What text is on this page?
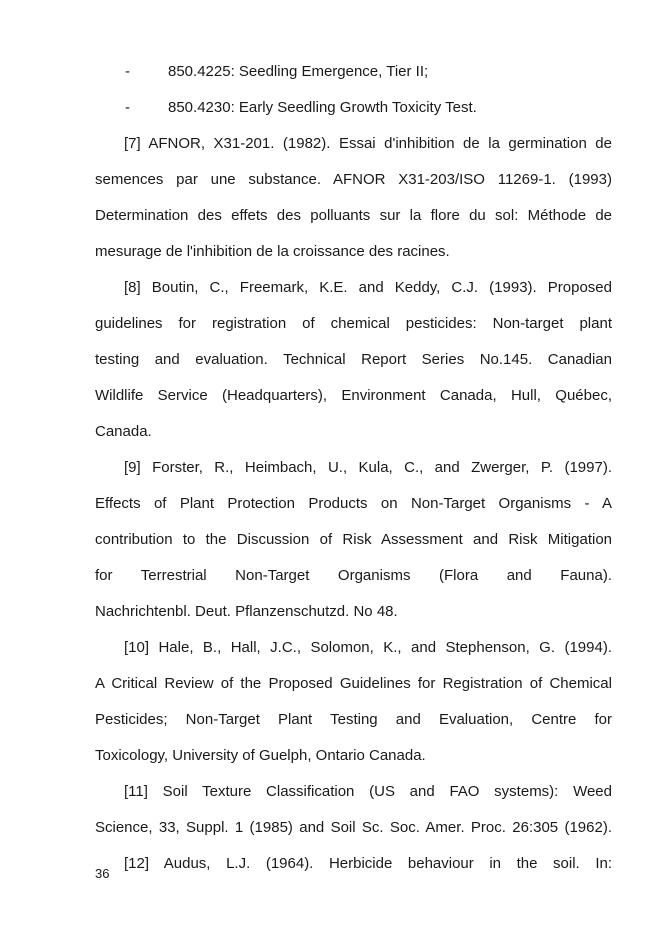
-	850.4225: Seedling Emergence, Tier II;
-	850.4230: Early Seedling Growth Toxicity Test.
[7] AFNOR, X31-201. (1982). Essai d'inhibition de la germination de
semences par une substance. AFNOR X31-203/ISO 11269-1. (1993)
Determination des effets des polluants sur la flore du sol: Méthode de
mesurage de l'inhibition de la croissance des racines.
[8] Boutin, C., Freemark, K.E. and Keddy, C.J. (1993). Proposed
guidelines for registration of chemical pesticides: Non-target plant
testing and evaluation. Technical Report Series No.145. Canadian
Wildlife Service (Headquarters), Environment Canada, Hull, Québec,
Canada.
[9] Forster, R., Heimbach, U., Kula, C., and Zwerger, P. (1997).
Effects of Plant Protection Products on Non-Target Organisms - A
contribution to the Discussion of Risk Assessment and Risk Mitigation
for Terrestrial Non-Target Organisms (Flora and Fauna).
Nachrichtenbl. Deut. Pflanzenschutzd. No 48.
[10] Hale, B., Hall, J.C., Solomon, K., and Stephenson, G. (1994).
A Critical Review of the Proposed Guidelines for Registration of Chemical
Pesticides; Non-Target Plant Testing and Evaluation, Centre for
Toxicology, University of Guelph, Ontario Canada.
[11] Soil Texture Classification (US and FAO systems): Weed
Science, 33, Suppl. 1 (1985) and Soil Sc. Soc. Amer. Proc. 26:305 (1962).
[12] Audus, L.J. (1964). Herbicide behaviour in the soil. In:
36
